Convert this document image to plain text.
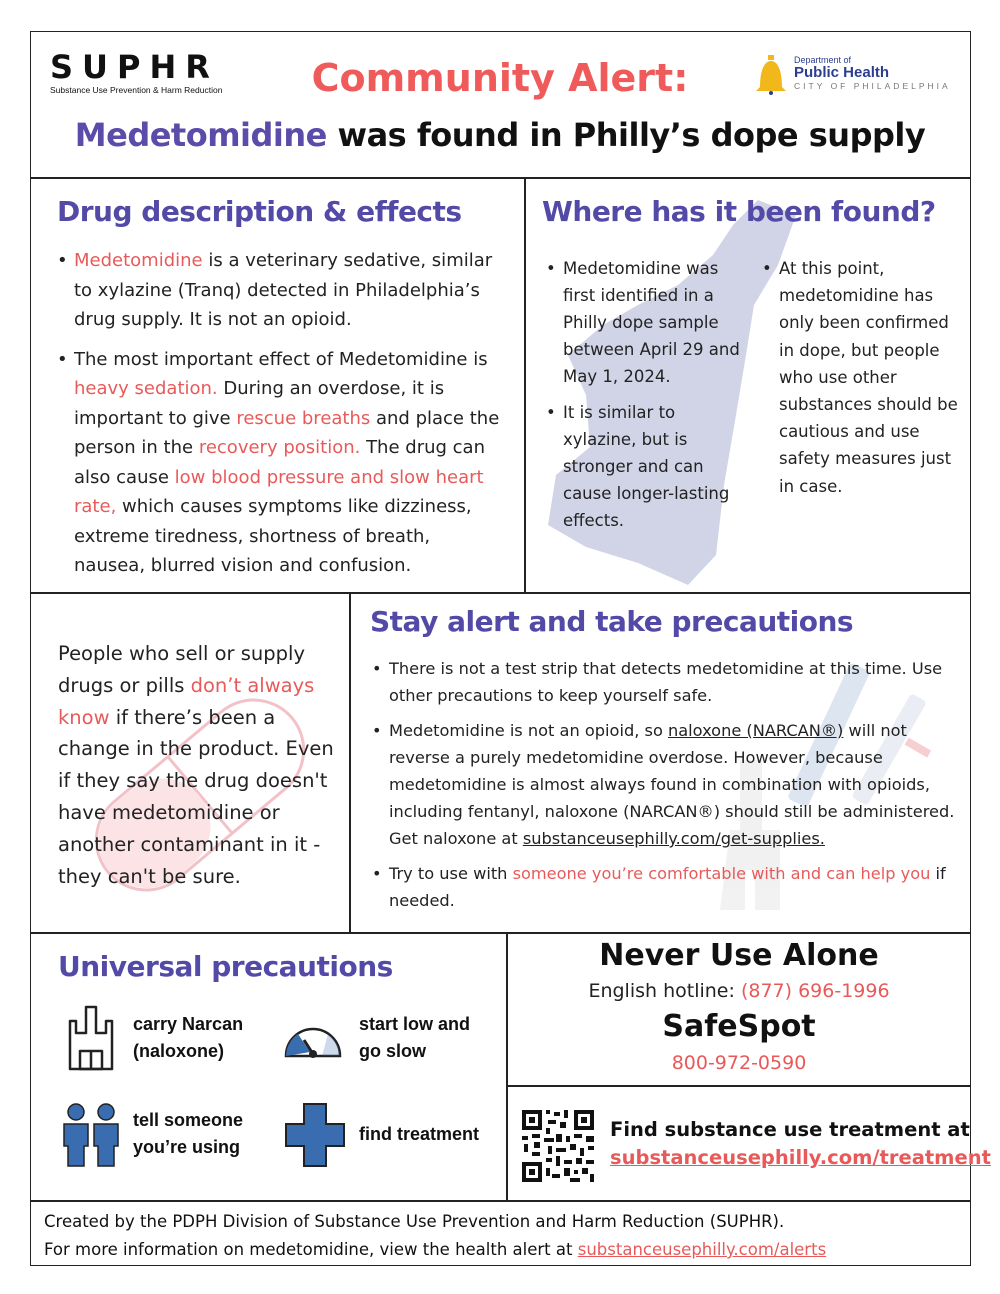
SUPHR
Substance Use Prevention & Harm Reduction	Community Alert:
Medetomidine was found in Philly’s dope supply
Department of
Public Health
CITY OF PHILADELPHIA
Drug description & effects
• Medetomidine is a veterinary sedative, similar to xylazine (Tranq) detected in Philadelphia’s drug supply. It is not an opioid.
• The most important effect of Medetomidine is heavy sedation. During an overdose, it is important to give rescue breaths and place the person in the recovery position. The drug can also cause low blood pressure and slow heart rate, which causes symptoms like dizziness, extreme tiredness, shortness of breath, nausea, blurred vision and confusion.
Where has it been found?
• Medetomidine was first identified in a Philly dope sample between April 29 and May 1, 2024.
• It is similar to xylazine, but is stronger and can cause longer-lasting effects.
• At this point, medetomidine has only been confirmed in dope, but people who use other substances should be cautious and use safety measures just in case.
People who sell or supply drugs or pills don’t always know if there’s been a change in the product. Even if they say the drug doesn't have medetomidine or another contaminant in it - they can't be sure.
Stay alert and take precautions
• There is not a test strip that detects medetomidine at this time. Use other precautions to keep yourself safe.
• Medetomidine is not an opioid, so naloxone (NARCAN®) will not reverse a purely medetomidine overdose. However, because medetomidine is almost always found in combination with opioids, including fentanyl, naloxone (NARCAN®) should still be administered. Get naloxone at substanceusephilly.com/get-supplies.
• Try to use with someone you’re comfortable with and can help you if needed.
Universal precautions
carry Narcan
(naloxone)
start low and
go slow
tell someone
you’re using
find treatment
Never Use Alone
English hotline: (877) 696-1996
SafeSpot
800-972-0590
Find substance use treatment at
substanceusephilly.com/treatment
Created by the PDPH Division of Substance Use Prevention and Harm Reduction (SUPHR).
For more information on medetomidine, view the health alert at substanceusephilly.com/alerts
